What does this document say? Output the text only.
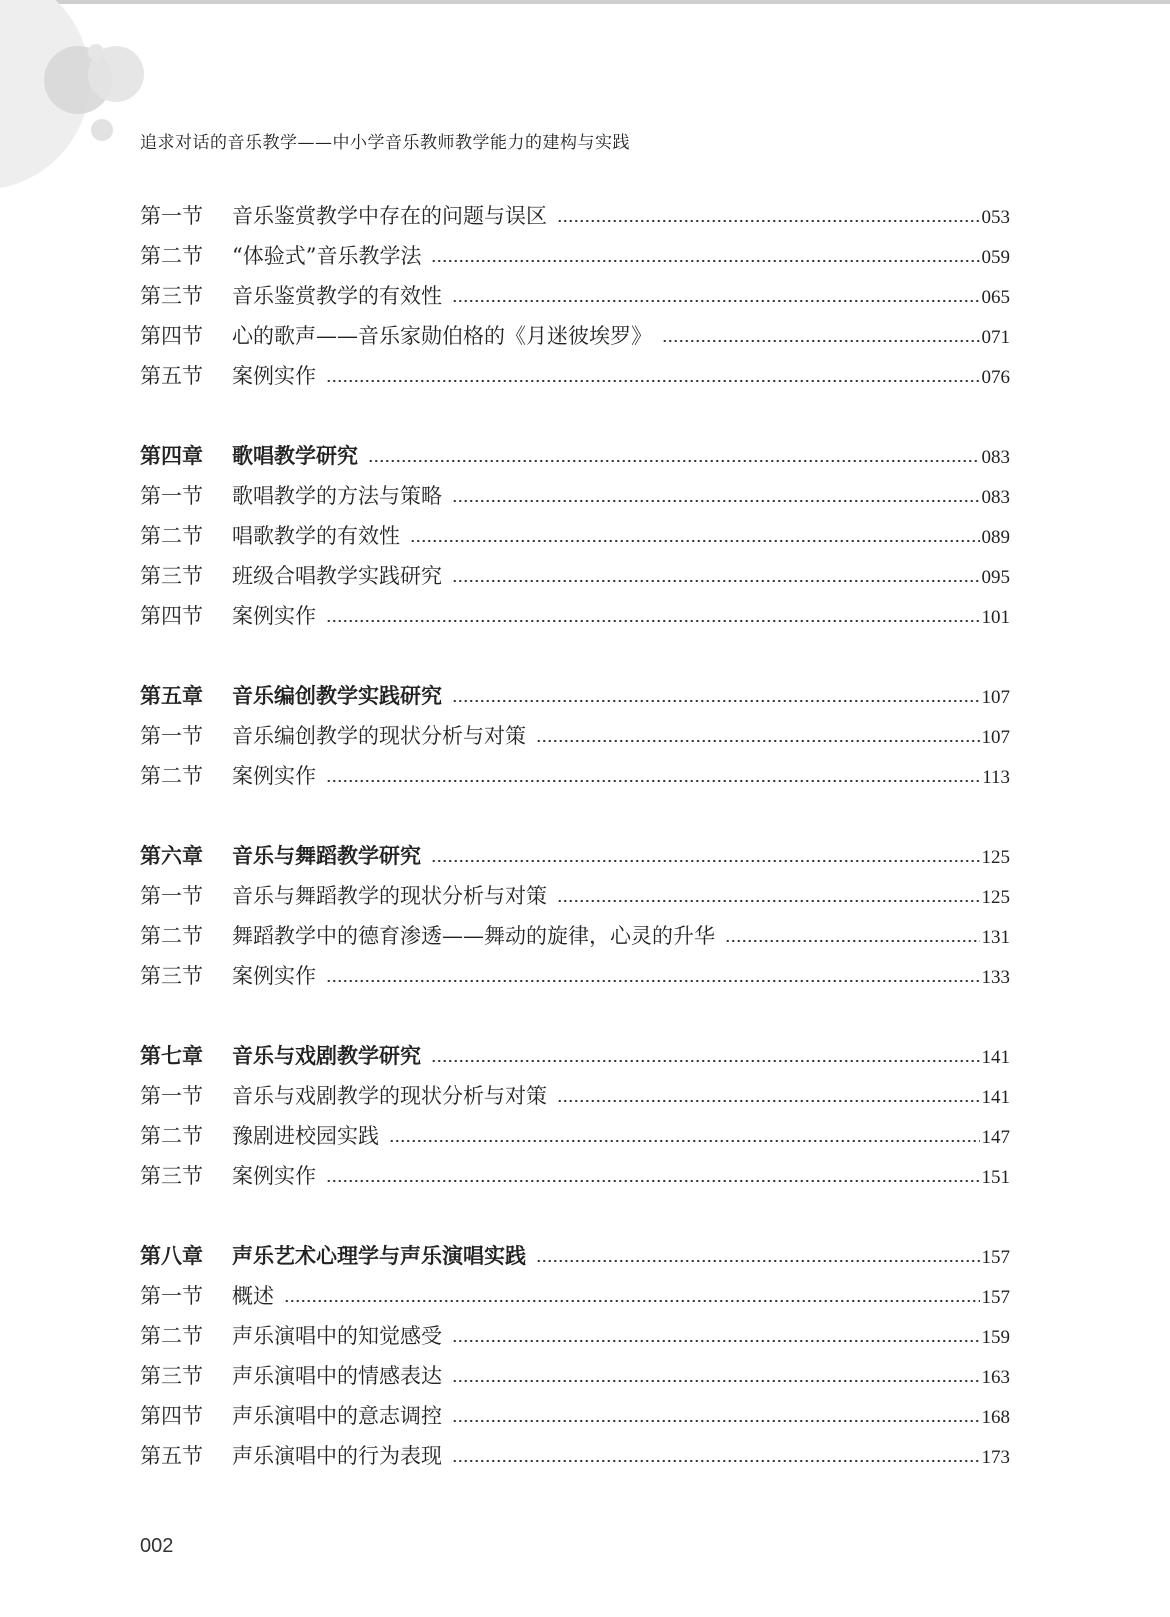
追求对话的音乐教学——中小学音乐教师教学能力的建构与实践
第一节	音乐鉴赏教学中存在的问题与误区	053
第二节	“体验式”音乐教学法	059
第三节	音乐鉴赏教学的有效性	065
第四节	心的歌声——音乐家勋伯格的《月迷彼埃罗》	071
第五节	案例实作	076
第四章	歌唱教学研究	083
第一节	歌唱教学的方法与策略	083
第二节	唱歌教学的有效性	089
第三节	班级合唱教学实践研究	095
第四节	案例实作	101
第五章	音乐编创教学实践研究	107
第一节	音乐编创教学的现状分析与对策	107
第二节	案例实作	113
第六章	音乐与舞蹈教学研究	125
第一节	音乐与舞蹈教学的现状分析与对策	125
第二节	舞蹈教学中的德育渗透——舞动的旋律，心灵的升华	131
第三节	案例实作	133
第七章	音乐与戏剧教学研究	141
第一节	音乐与戏剧教学的现状分析与对策	141
第二节	豫剧进校园实践	147
第三节	案例实作	151
第八章	声乐艺术心理学与声乐演唱实践	157
第一节	概述	157
第二节	声乐演唱中的知觉感受	159
第三节	声乐演唱中的情感表达	163
第四节	声乐演唱中的意志调控	168
第五节	声乐演唱中的行为表现	173
002
